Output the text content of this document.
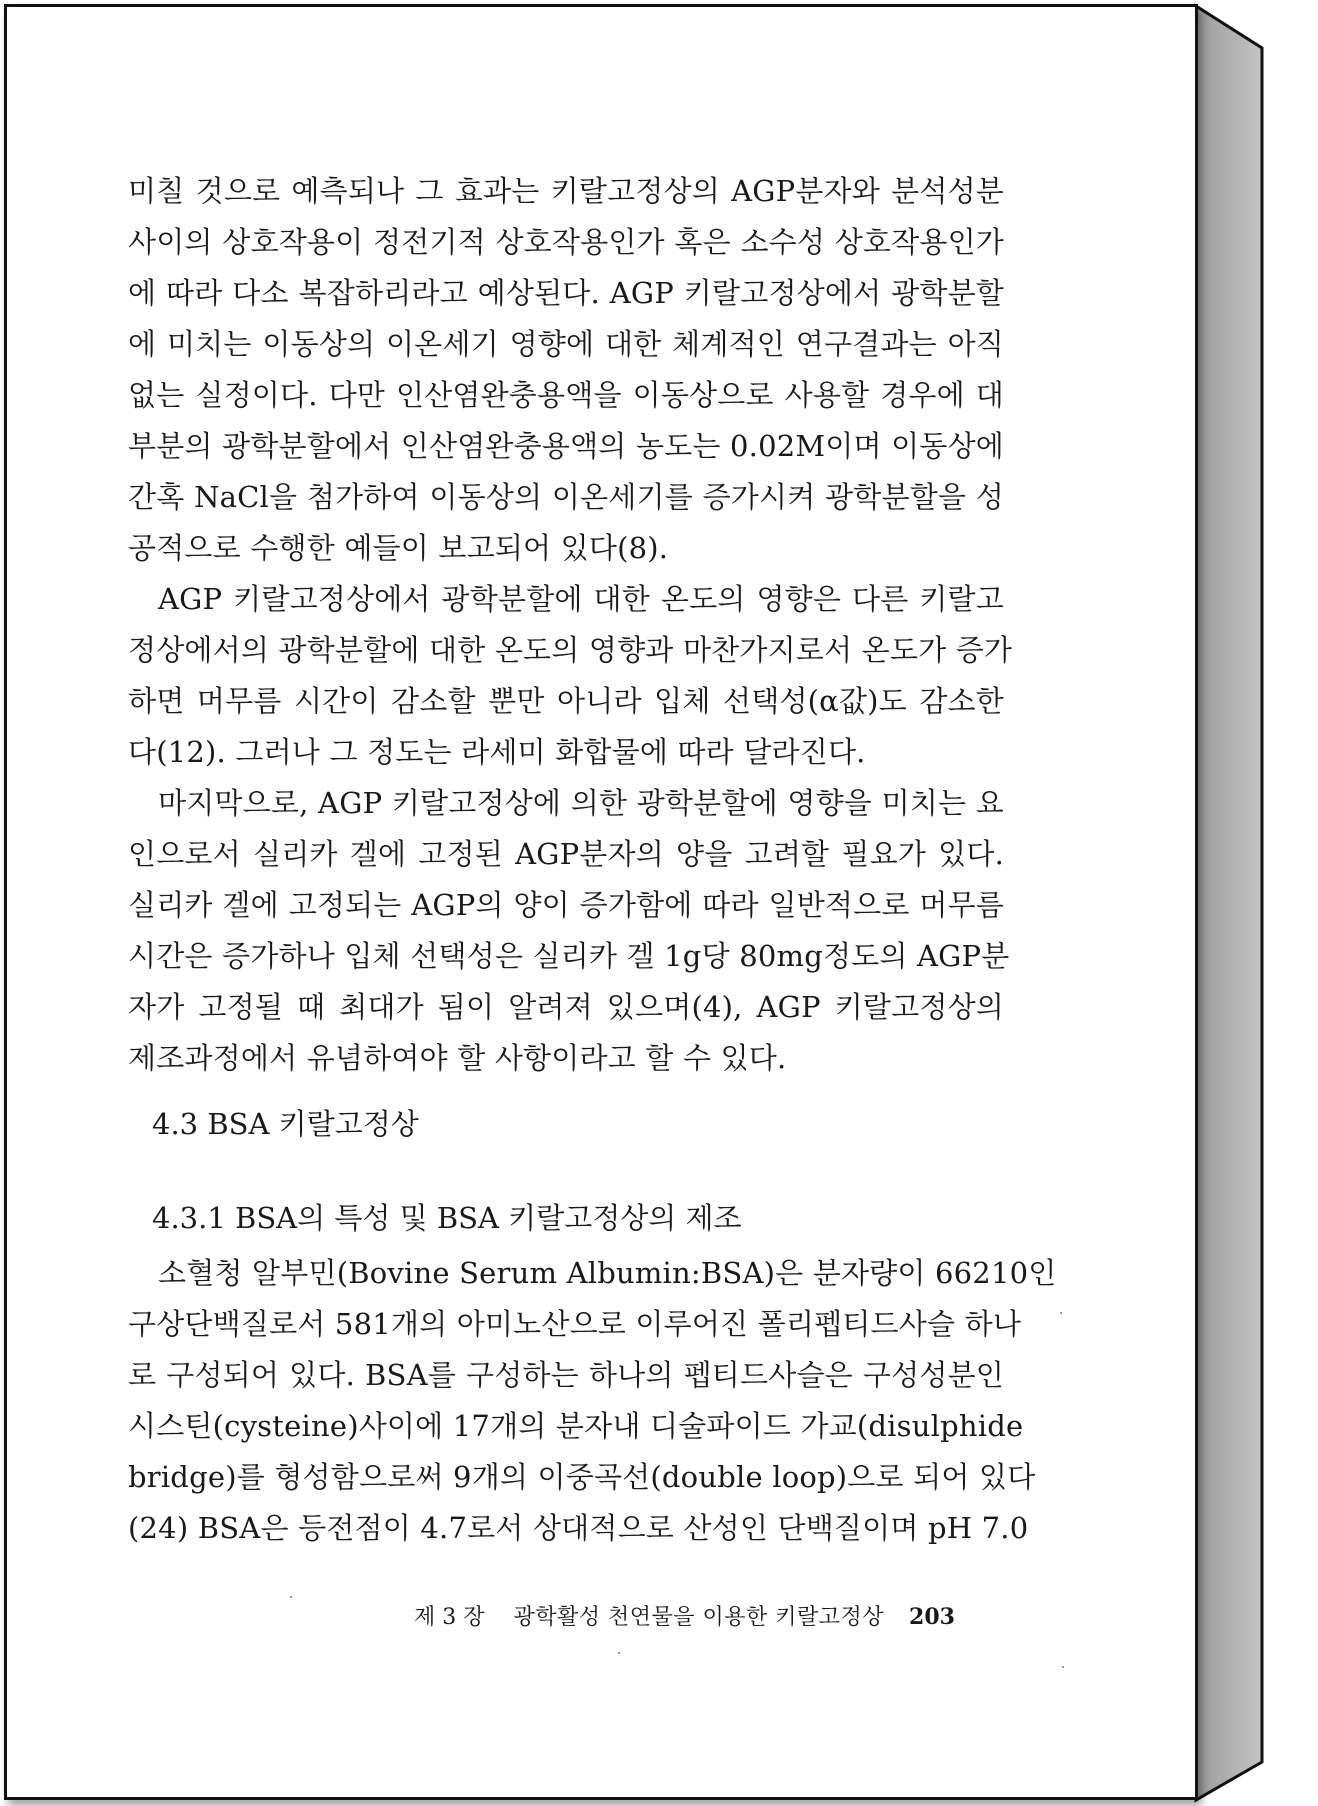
미칠 것으로 예측되나 그 효과는 키랄고정상의 AGP분자와 분석성분
사이의 상호작용이 정전기적 상호작용인가 혹은 소수성 상호작용인가
에 따라 다소 복잡하리라고 예상된다. AGP 키랄고정상에서 광학분할
에 미치는 이동상의 이온세기 영향에 대한 체계적인 연구결과는 아직
없는 실정이다. 다만 인산염완충용액을 이동상으로 사용할 경우에 대
부분의 광학분할에서 인산염완충용액의 농도는 0.02M이며 이동상에
간혹 NaCl을 첨가하여 이동상의 이온세기를 증가시켜 광학분할을 성
공적으로 수행한 예들이 보고되어 있다(8).
AGP 키랄고정상에서 광학분할에 대한 온도의 영향은 다른 키랄고
정상에서의 광학분할에 대한 온도의 영향과 마찬가지로서 온도가 증가
하면 머무름 시간이 감소할 뿐만 아니라 입체 선택성(α값)도 감소한
다(12). 그러나 그 정도는 라세미 화합물에 따라 달라진다.
마지막으로, AGP 키랄고정상에 의한 광학분할에 영향을 미치는 요
인으로서 실리카 겔에 고정된 AGP분자의 양을 고려할 필요가 있다.
실리카 겔에 고정되는 AGP의 양이 증가함에 따라 일반적으로 머무름
시간은 증가하나 입체 선택성은 실리카 겔 1g당 80mg정도의 AGP분
자가 고정될 때 최대가 됨이 알려져 있으며(4), AGP 키랄고정상의
제조과정에서 유념하여야 할 사항이라고 할 수 있다.
4.3 BSA 키랄고정상
4.3.1 BSA의 특성 및 BSA 키랄고정상의 제조
소혈청 알부민(Bovine Serum Albumin:BSA)은 분자량이 66210인
구상단백질로서 581개의 아미노산으로 이루어진 폴리펩티드사슬 하나
로 구성되어 있다. BSA를 구성하는 하나의 펩티드사슬은 구성성분인
시스틴(cysteine)사이에 17개의 분자내 디술파이드 가교(disulphide
bridge)를 형성함으로써 9개의 이중곡선(double loop)으로 되어 있다
(24) BSA은 등전점이 4.7로서 상대적으로 산성인 단백질이며 pH 7.0
제 3 장 광학활성 천연물을 이용한 키랄고정상 203
